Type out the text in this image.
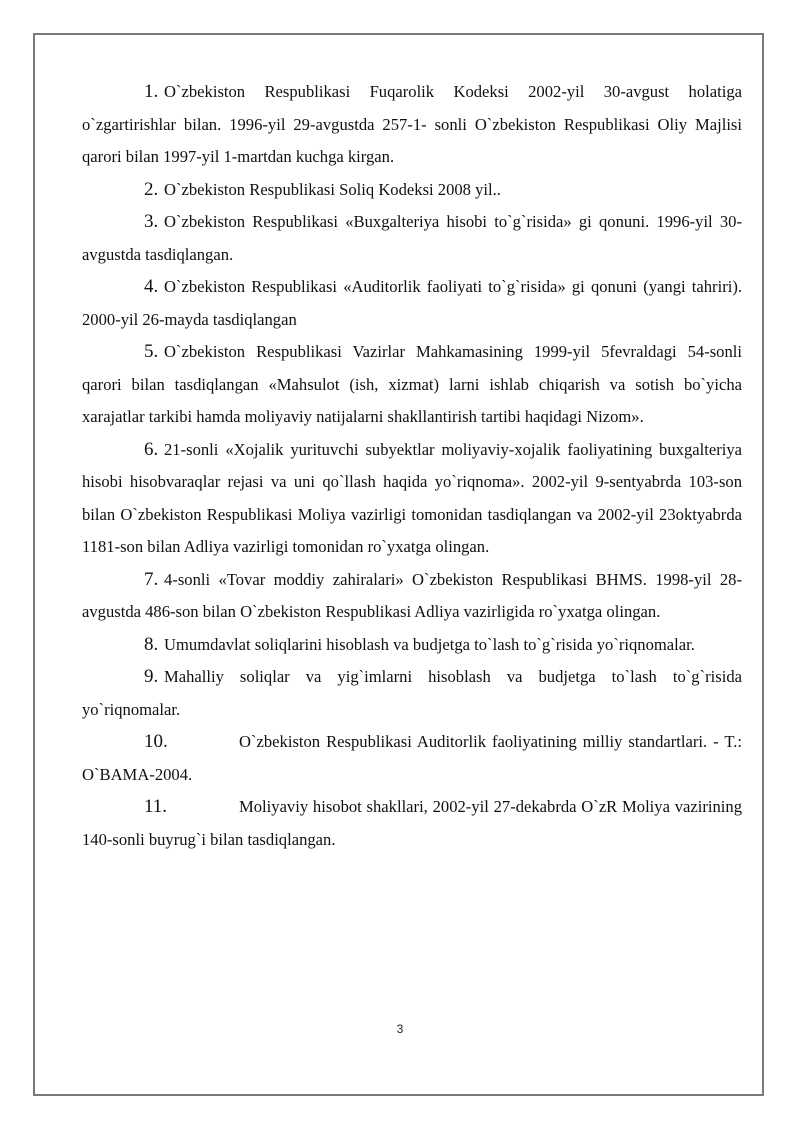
1. O`zbekiston Respublikasi Fuqarolik Kodeksi 2002-yil 30-avgust holatiga o`zgartirishlar bilan. 1996-yil 29-avgustda 257-1- sonli O`zbekiston Respublikasi Oliy Majlisi qarori bilan 1997-yil 1-martdan kuchga kirgan.

2. O`zbekiston Respublikasi Soliq Kodeksi 2008 yil..

3. O`zbekiston Respublikasi «Buxgalteriya hisobi to`g`risida» gi qonuni. 1996-yil 30-avgustda tasdiqlangan.

4. O`zbekiston Respublikasi «Auditorlik faoliyati to`g`risida» gi qonuni (yangi tahriri). 2000-yil 26-mayda tasdiqlangan

5. O`zbekiston Respublikasi Vazirlar Mahkamasining 1999-yil 5fevraldagi 54-sonli qarori bilan tasdiqlangan «Mahsulot (ish, xizmat) larni ishlab chiqarish va sotish bo`yicha xarajatlar tarkibi hamda moliyaviy natijalarni shakllantirish tartibi haqidagi Nizom».

6. 21-sonli «Xojalik yurituvchi subyektlar moliyaviy-xojalik faoliyatining buxgalteriya hisobi hisobvaraqlar rejasi va uni qo`llash haqida yo`riqnoma». 2002-yil 9-sentyabrda 103-son bilan O`zbekiston Respublikasi Moliya vazirligi tomonidan tasdiqlangan va 2002-yil 23oktyabrda 1181-son bilan Adliya vazirligi tomonidan ro`yxatga olingan.

7. 4-sonli «Tovar moddiy zahiralari» O`zbekiston Respublikasi BHMS. 1998-yil 28-avgustda 486-son bilan O`zbekiston Respublikasi Adliya vazirligida ro`yxatga olingan.

8. Umumdavlat soliqlarini hisoblash va budjetga to`lash to`g`risida yo`riqnomalar.

9. Mahalliy soliqlar va yig`imlarni hisoblash va budjetga to`lash to`g`risida yo`riqnomalar.

10.	O`zbekiston Respublikasi Auditorlik faoliyatining milliy standartlari. - T.: O`BAMA-2004.

11.	Moliyaviy hisobot shakllari, 2002-yil 27-dekabrda O`zR Moliya vazirining 140-sonli buyrug`i bilan tasdiqlangan.

3
